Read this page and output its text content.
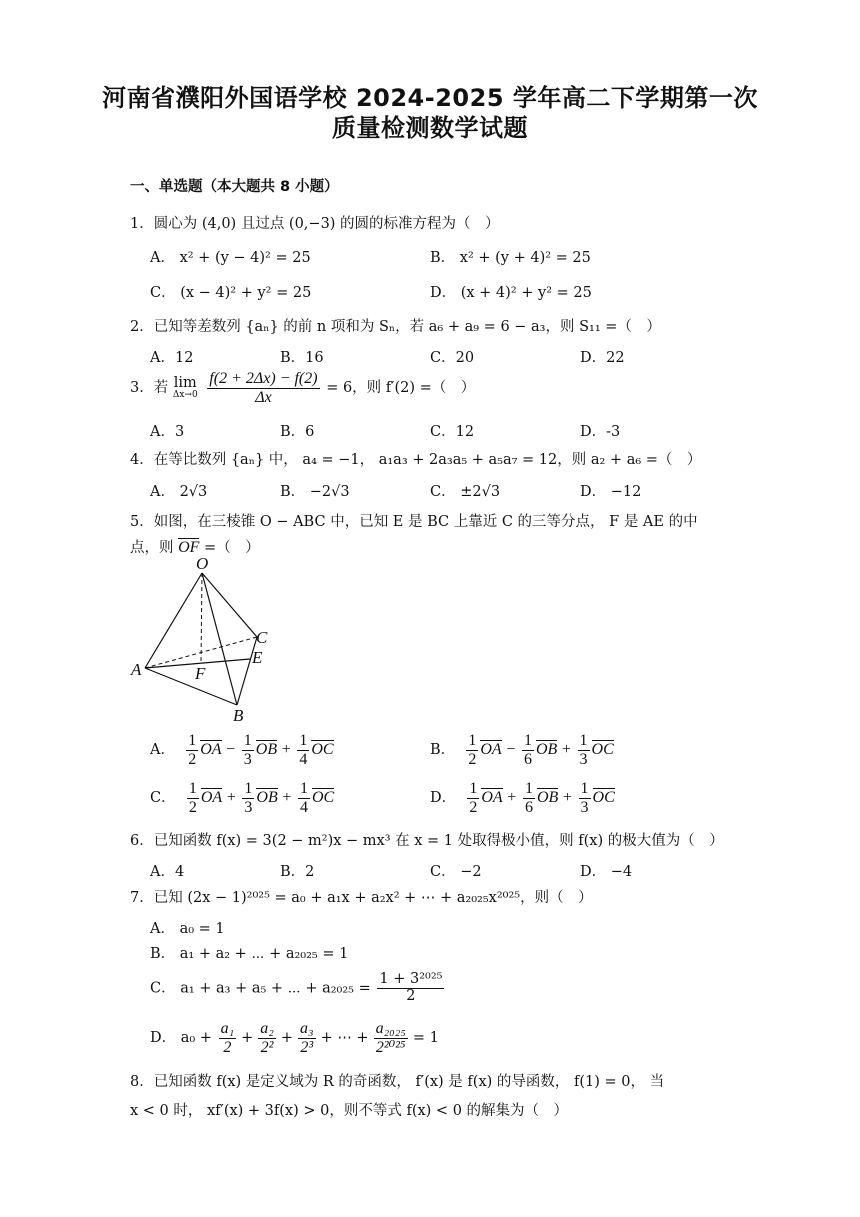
河南省濮阳外国语学校 2024-2025 学年高二下学期第一次
质量检测数学试题
一、单选题（本大题共 8 小题）
1．圆心为 (4,0) 且过点 (0,−3) 的圆的标准方程为（　）
A． x² + (y − 4)² = 25	B． x² + (y + 4)² = 25
C． (x − 4)² + y² = 25	D． (x + 4)² + y² = 25
2．已知等差数列 {aₙ} 的前 n 项和为 Sₙ，若 a₆ + a₉ = 6 − a₃，则 S₁₁ =（　）
A．12	B．16	C．20	D．22
3．若 lim
Δx→0
$\frac{f(2 + 2\Delta x) - f(2)}{\Delta x} = 6$，则 f′(2) =（　）
A．3	B．6	C．12	D．-3
4．在等比数列 {aₙ} 中， a₄ = −1， a₁a₃ + 2a₃a₅ + a₅a₇ = 12，则 a₂ + a₆ =（　）
A． 2√3	B． −2√3	C． ±2√3	D． −12
5．如图，在三棱锥 O − ABC 中，已知 E 是 BC 上靠近 C 的三等分点， F 是 AE 的中
点，则 OF =（　）
O
A
B
C
E
F
A． $\frac{1}{2}$ OA − $\frac{1}{3}$ OB + $\frac{1}{4}$ OC	B． $\frac{1}{2}$ OA − $\frac{1}{6}$ OB + $\frac{1}{3}$ OC
C． $\frac{1}{2}$ OA + $\frac{1}{3}$ OB + $\frac{1}{4}$ OC	D． $\frac{1}{2}$ OA + $\frac{1}{6}$ OB + $\frac{1}{3}$ OC
6．已知函数 f(x) = 3(2 − m²)x − mx³ 在 x = 1 处取得极小值，则 f(x) 的极大值为（　）
A．4	B．2	C． −2	D． −4
7．已知 (2x − 1)²⁰²⁵ = a₀ + a₁x + a₂x² + ⋯ + a₂₀₂₅x²⁰²⁵，则（　）
A． a₀ = 1
B． a₁ + a₂ + ⋯ + a₂₀₂₅ = 1
C． a₁ + a₃ + a₅ + ⋯ + $a_{2025} = \frac{\text{1 + 3²⁰²⁵}}{2}$
D． $a_0 + \frac{\text{a₁}}{2} + \frac{\text{a₂}}{\text{2²}} + \frac{\text{a₃}}{\text{2³}}$ + ⋯ + $\frac{\text{a₂₀₂₅}}{\text{2²⁰²⁵}} = 1$
8．已知函数 f(x) 是定义域为 R 的奇函数， f′(x) 是 f(x) 的导函数， f(1) = 0， 当
x < 0 时， xf′(x) + 3f(x) > 0，则不等式 f(x) < 0 的解集为（　）
